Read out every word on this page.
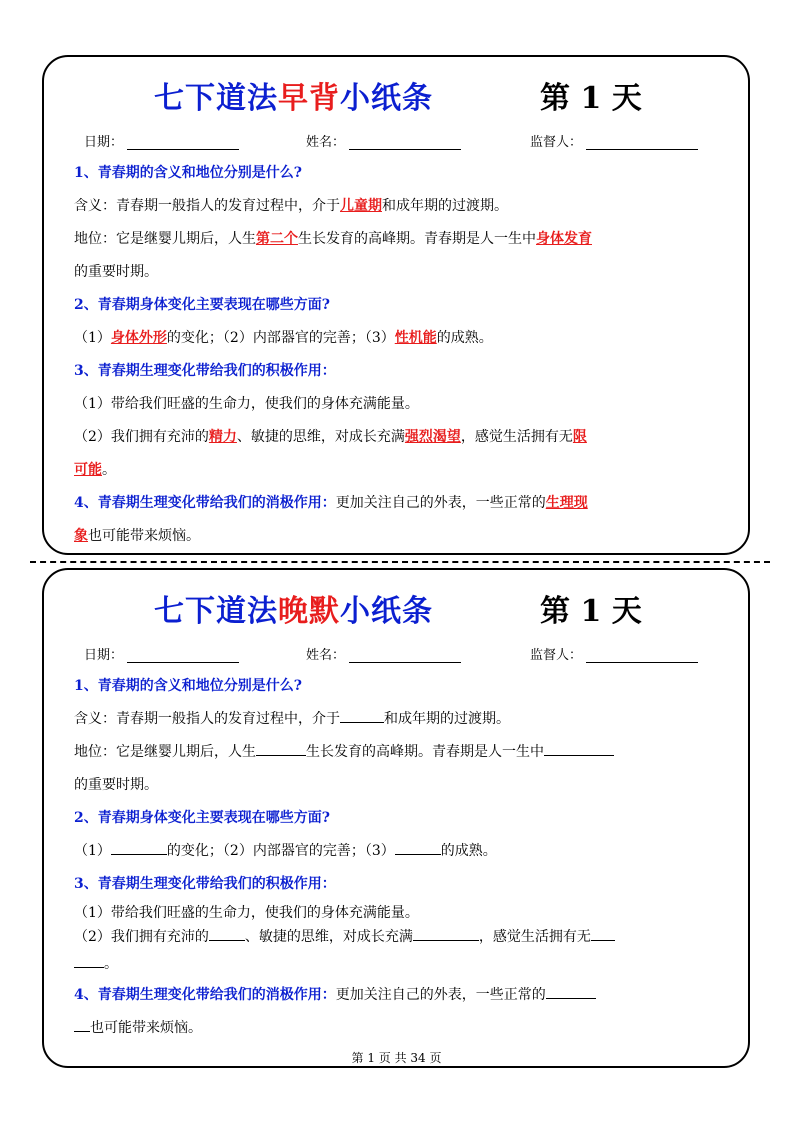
七下道法早背小纸条	第 1 天
日期：	姓名：	监督人：
1、青春期的含义和地位分别是什么?
含义：青春期一般指人的发育过程中，介于儿童期和成年期的过渡期。
地位：它是继婴儿期后，人生第二个生长发育的高峰期。青春期是人一生中身体发育
的重要时期。
2、青春期身体变化主要表现在哪些方面?
（1）身体外形的变化；（2）内部器官的完善；（3）性机能的成熟。
3、青春期生理变化带给我们的积极作用：
（1）带给我们旺盛的生命力，使我们的身体充满能量。
（2）我们拥有充沛的精力、敏捷的思维，对成长充满强烈渴望，感觉生活拥有无限
可能。
4、青春期生理变化带给我们的消极作用：更加关注自己的外表，一些正常的生理现
象也可能带来烦恼。
七下道法晚默小纸条	第 1 天
日期：	姓名：	监督人：
1、青春期的含义和地位分别是什么?
含义：青春期一般指人的发育过程中，介于	和成年期的过渡期。
地位：它是继婴儿期后，人生	生长发育的高峰期。青春期是人一生中
的重要时期。
2、青春期身体变化主要表现在哪些方面?
（1）	的变化；（2）内部器官的完善；（3）	的成熟。
3、青春期生理变化带给我们的积极作用：
（1）带给我们旺盛的生命力，使我们的身体充满能量。
（2）我们拥有充沛的	、敏捷的思维，对成长充满	，感觉生活拥有无
。
4、青春期生理变化带给我们的消极作用：更加关注自己的外表，一些正常的
也可能带来烦恼。
第 1 页 共 34 页
